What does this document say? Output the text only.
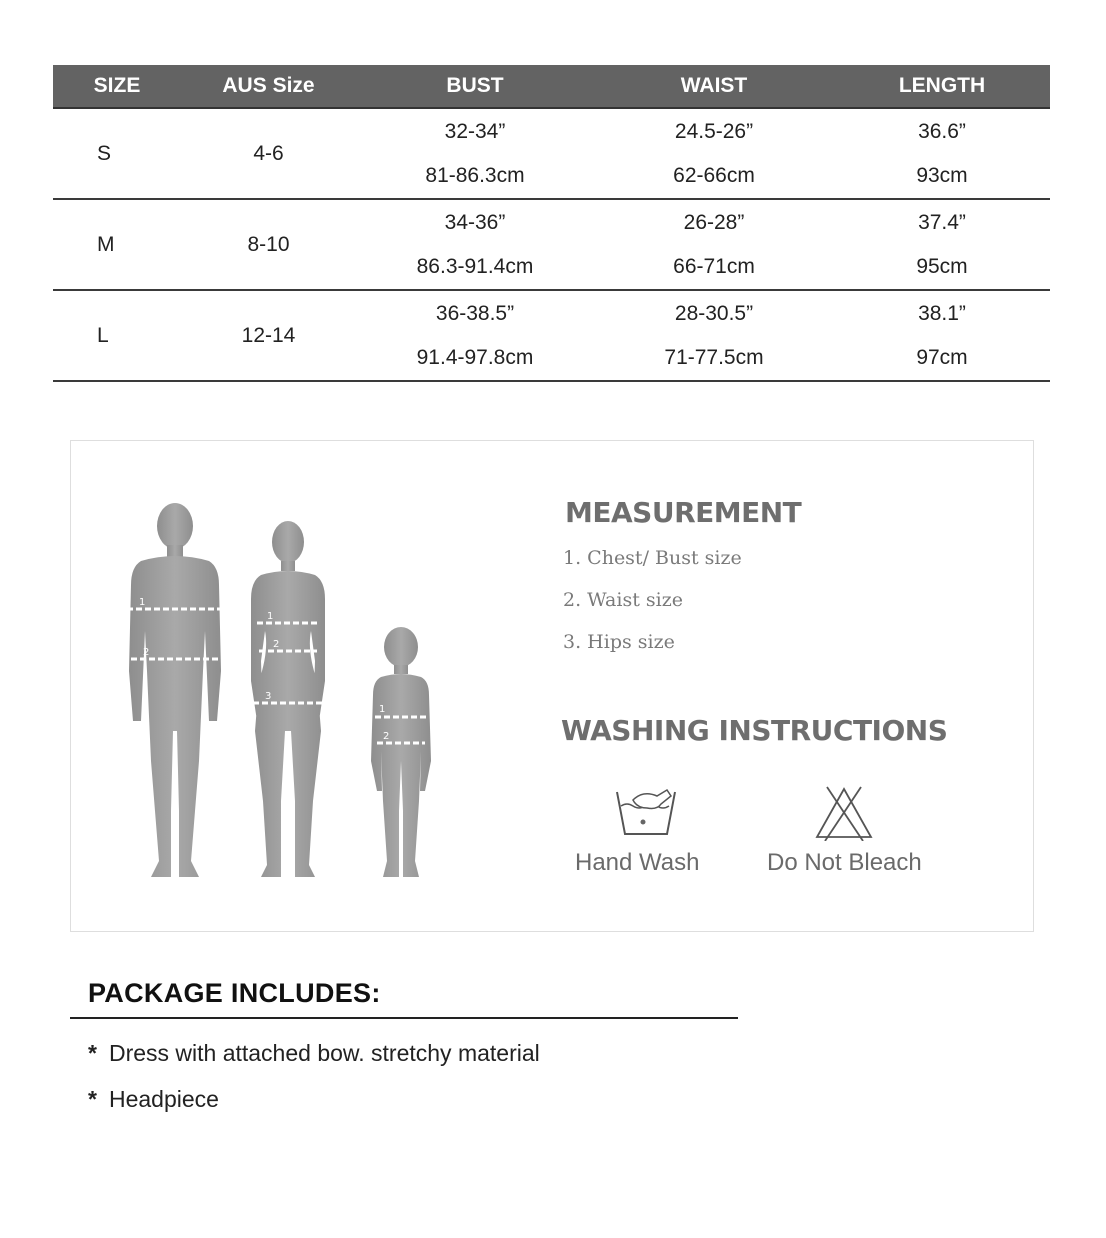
SIZE	AUS Size	BUST	WAIST	LENGTH
S	4-6	32-34”	24.5-26”	36.6”
		81-86.3cm	62-66cm	93cm
M	8-10	34-36”	26-28”	37.4”
		86.3-91.4cm	66-71cm	95cm
L	12-14	36-38.5”	28-30.5”	38.1”
		91.4-97.8cm	71-77.5cm	97cm
1
2
1
2
3
1
2
MEASUREMENT
1. Chest/ Bust size
2. Waist size
3. Hips size
WASHING INSTRUCTIONS
Hand Wash	Do Not Bleach
PACKAGE INCLUDES:
* Dress with attached bow. stretchy material
* Headpiece
